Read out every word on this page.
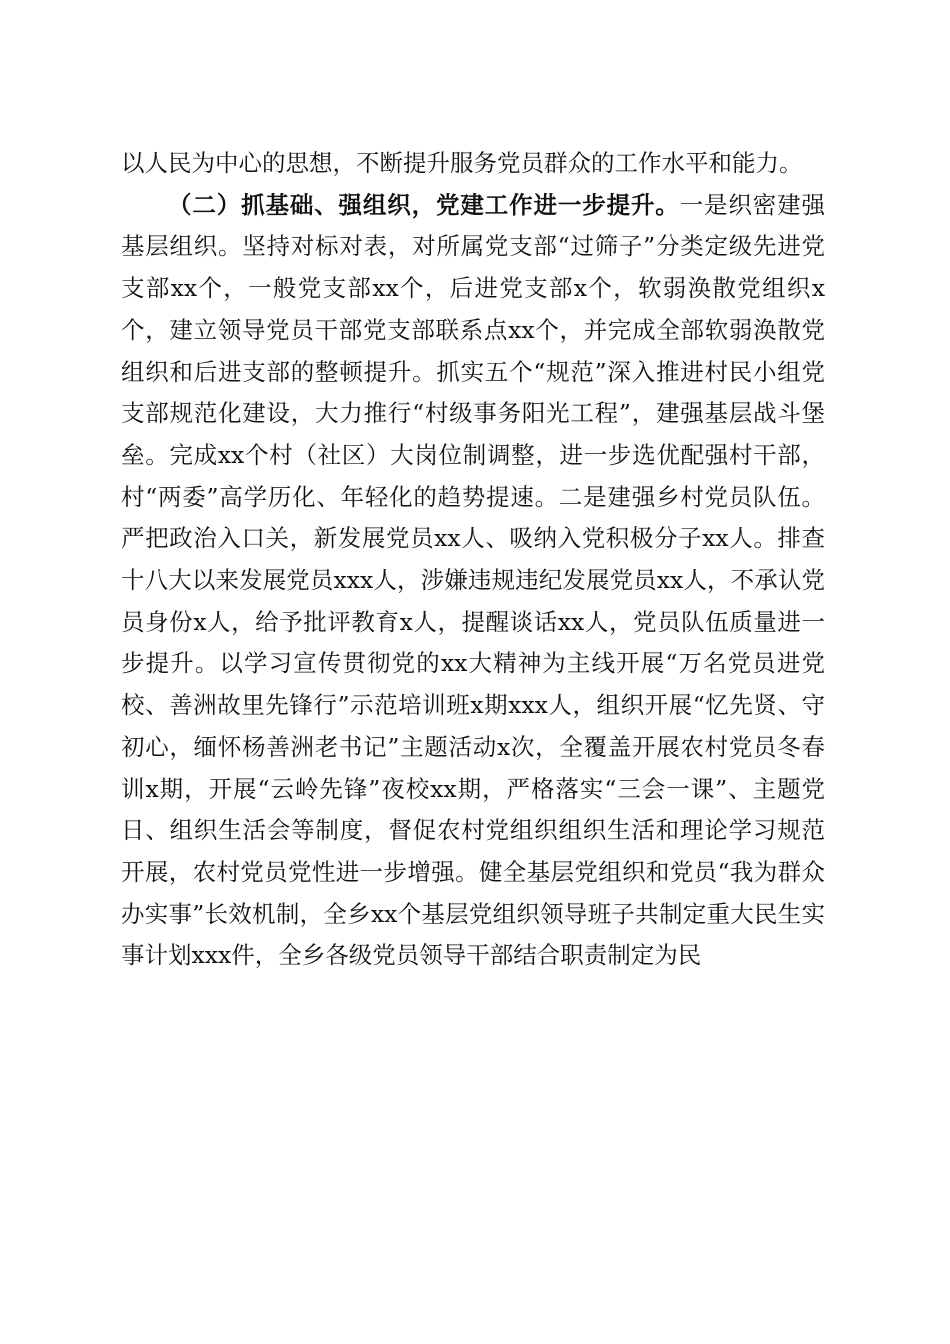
以人民为中心的思想，不断提升服务党员群众的工作水平和能力。

（二）抓基础、强组织，党建工作进一步提升。一是织密建强基层组织。坚持对标对表，对所属党支部“过筛子”分类定级先进党支部xx个，一般党支部xx个，后进党支部x个，软弱涣散党组织x个，建立领导党员干部党支部联系点xx个，并完成全部软弱涣散党组织和后进支部的整顿提升。抓实五个“规范”深入推进村民小组党支部规范化建设，大力推行“村级事务阳光工程”，建强基层战斗堡垒。完成xx个村（社区）大岗位制调整，进一步选优配强村干部，村“两委”高学历化、年轻化的趋势提速。二是建强乡村党员队伍。严把政治入口关，新发展党员xx人、吸纳入党积极分子xx人。排查十八大以来发展党员xxx人，涉嫌违规违纪发展党员xx人，不承认党员身份x人，给予批评教育x人，提醒谈话xx人，党员队伍质量进一步提升。以学习宣传贯彻党的xx大精神为主线开展“万名党员进党校、善洲故里先锋行”示范培训班x期xxx人，组织开展“忆先贤、守初心，缅怀杨善洲老书记”主题活动x次，全覆盖开展农村党员冬春训x期，开展“云岭先锋”夜校xx期，严格落实“三会一课”、主题党日、组织生活会等制度，督促农村党组织组织生活和理论学习规范开展，农村党员党性进一步增强。健全基层党组织和党员“我为群众办实事”长效机制，全乡xx个基层党组织领导班子共制定重大民生实事计划xxx件，全乡各级党员领导干部结合职责制定为民
